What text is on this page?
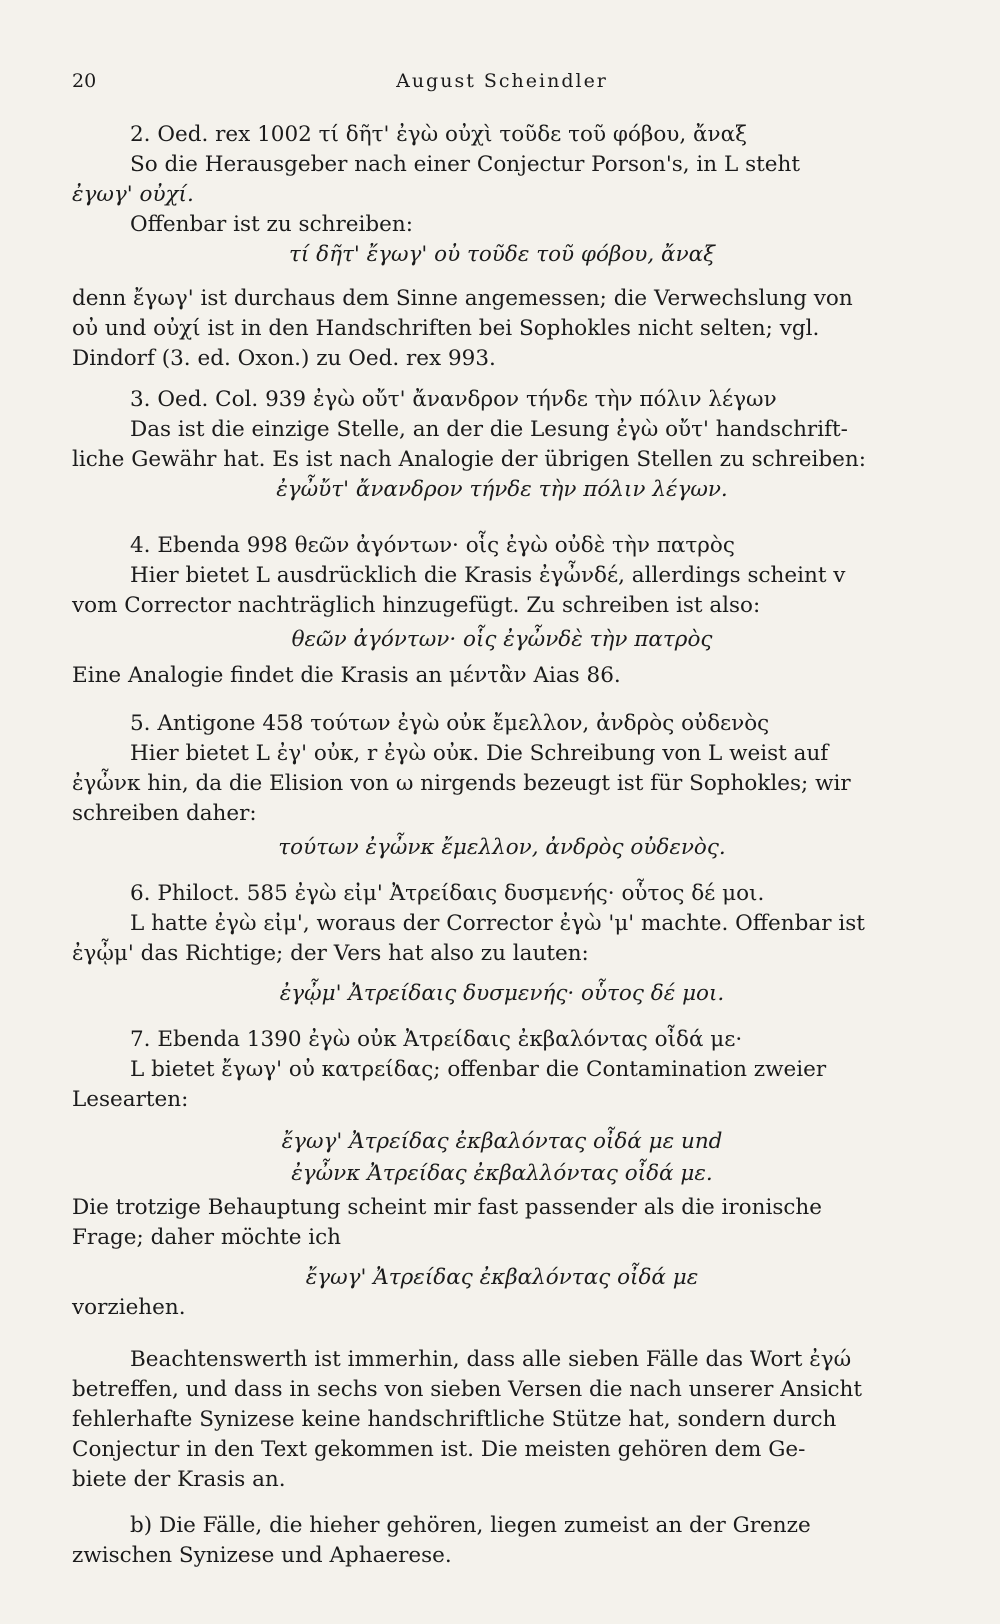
20	August Scheindler
2. Oed. rex 1002 τί δῆτ' ἐγὼ οὐχὶ τοῦδε τοῦ φόβου, ἄναξ
So die Herausgeber nach einer Conjectur Porson's, in L steht
ἐγωγ' οὐχί.
Offenbar ist zu schreiben:
τί δῆτ' ἔγωγ' οὐ τοῦδε τοῦ φόβου, ἄναξ
denn ἔγωγ' ist durchaus dem Sinne angemessen; die Verwechslung von
οὐ und οὐχί ist in den Handschriften bei Sophokles nicht selten; vgl.
Dindorf (3. ed. Oxon.) zu Oed. rex 993.
3. Oed. Col. 939 ἐγὼ οὔτ' ἄνανδρον τήνδε τὴν πόλιν λέγων
Das ist die einzige Stelle, an der die Lesung ἐγὼ οὔτ' handschrift-
liche Gewähr hat. Es ist nach Analogie der übrigen Stellen zu schreiben:
ἐγὦὔτ' ἄνανδρον τήνδε τὴν πόλιν λέγων.
4. Ebenda 998 θεῶν ἀγόντων· οἷς ἐγὼ οὐδὲ τὴν πατρὸς
Hier bietet L ausdrücklich die Krasis ἐγὦνδέ, allerdings scheint v
vom Corrector nachträglich hinzugefügt. Zu schreiben ist also:
θεῶν ἀγόντων· οἷς ἐγὦνδὲ τὴν πατρὸς
Eine Analogie findet die Krasis an μέντἂν Aias 86.
5. Antigone 458 τούτων ἐγὼ οὐκ ἔμελλον, ἀνδρὸς οὐδενὸς
Hier bietet L ἐγ' οὐκ, r ἐγὼ οὐκ. Die Schreibung von L weist auf
ἐγὦνκ hin, da die Elision von ω nirgends bezeugt ist für Sophokles; wir
schreiben daher:
τούτων ἐγὦνκ ἔμελλον, ἀνδρὸς οὐδενὸς.
6. Philoct. 585 ἐγὼ εἰμ' Ἀτρείδαις δυσμενής· οὗτος δέ μοι.
L hatte ἐγὼ εἰμ', woraus der Corrector ἐγὼ 'μ' machte. Offenbar ist
ἐγᾦμ' das Richtige; der Vers hat also zu lauten:
ἐγᾦμ' Ἀτρείδαις δυσμενής· οὗτος δέ μοι.
7. Ebenda 1390 ἐγὼ οὐκ Ἀτρείδαις ἐκβαλόντας οἶδά με·
L bietet ἔγωγ' οὐ κατρείδας; offenbar die Contamination zweier
Lesearten:
ἔγωγ' Ἀτρείδας ἐκβαλόντας οἶδά με und
ἐγὦνκ Ἀτρείδας ἐκβαλλόντας οἶδά με.
Die trotzige Behauptung scheint mir fast passender als die ironische
Frage; daher möchte ich
ἔγωγ' Ἀτρείδας ἐκβαλόντας οἶδά με
vorziehen.
Beachtenswerth ist immerhin, dass alle sieben Fälle das Wort ἐγώ
betreffen, und dass in sechs von sieben Versen die nach unserer Ansicht
fehlerhafte Synizese keine handschriftliche Stütze hat, sondern durch
Conjectur in den Text gekommen ist. Die meisten gehören dem Ge-
biete der Krasis an.
b) Die Fälle, die hieher gehören, liegen zumeist an der Grenze
zwischen Synizese und Aphaerese.
